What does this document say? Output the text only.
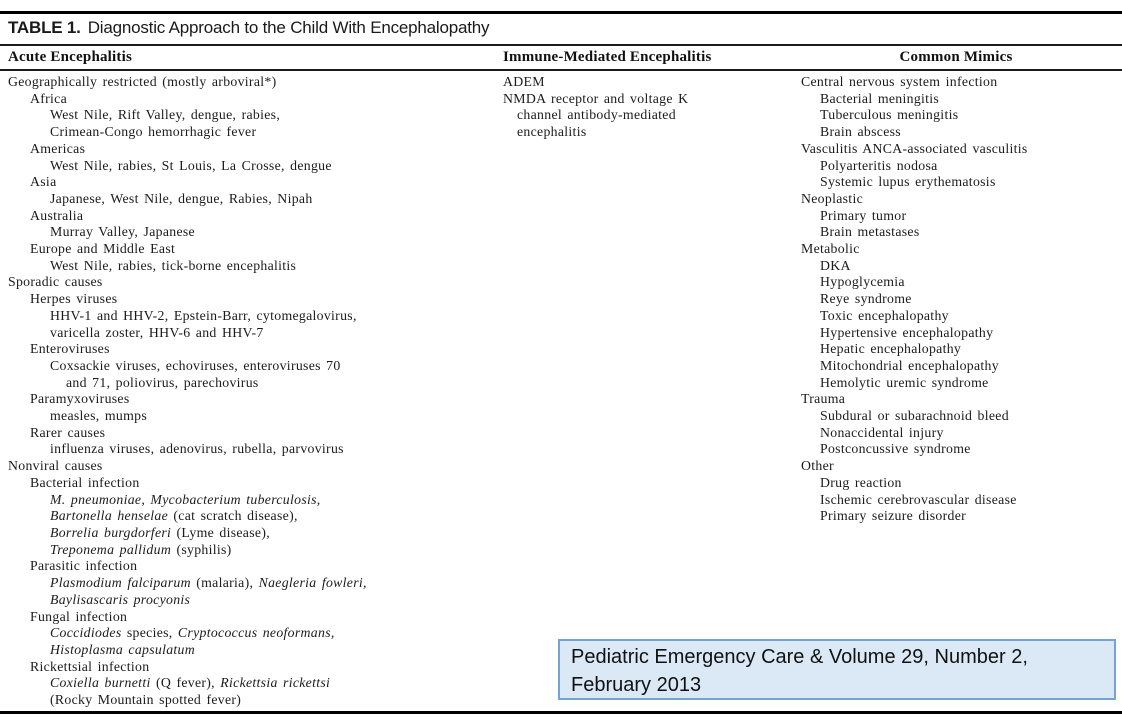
TABLE 1. Diagnostic Approach to the Child With Encephalopathy
Acute Encephalitis	Immune-Mediated Encephalitis	Common Mimics
Geographically restricted (mostly arboviral*)
Africa
West Nile, Rift Valley, dengue, rabies,
Crimean-Congo hemorrhagic fever
Americas
West Nile, rabies, St Louis, La Crosse, dengue
Asia
Japanese, West Nile, dengue, Rabies, Nipah
Australia
Murray Valley, Japanese
Europe and Middle East
West Nile, rabies, tick-borne encephalitis
Sporadic causes
Herpes viruses
HHV-1 and HHV-2, Epstein-Barr, cytomegalovirus,
varicella zoster, HHV-6 and HHV-7
Enteroviruses
Coxsackie viruses, echoviruses, enteroviruses 70
and 71, poliovirus, parechovirus
Paramyxoviruses
measles, mumps
Rarer causes
influenza viruses, adenovirus, rubella, parvovirus
Nonviral causes
Bacterial infection
M. pneumoniae, Mycobacterium tuberculosis,
Bartonella henselae (cat scratch disease),
Borrelia burgdorferi (Lyme disease),
Treponema pallidum (syphilis)
Parasitic infection
Plasmodium falciparum (malaria), Naegleria fowleri,
Baylisascaris procyonis
Fungal infection
Coccidiodes species, Cryptococcus neoformans,
Histoplasma capsulatum
Rickettsial infection
Coxiella burnetti (Q fever), Rickettsia rickettsi
(Rocky Mountain spotted fever)
ADEM
NMDA receptor and voltage K
channel antibody-mediated
encephalitis
Central nervous system infection
Bacterial meningitis
Tuberculous meningitis
Brain abscess
Vasculitis ANCA-associated vasculitis
Polyarteritis nodosa
Systemic lupus erythematosis
Neoplastic
Primary tumor
Brain metastases
Metabolic
DKA
Hypoglycemia
Reye syndrome
Toxic encephalopathy
Hypertensive encephalopathy
Hepatic encephalopathy
Mitochondrial encephalopathy
Hemolytic uremic syndrome
Trauma
Subdural or subarachnoid bleed
Nonaccidental injury
Postconcussive syndrome
Other
Drug reaction
Ischemic cerebrovascular disease
Primary seizure disorder
Pediatric Emergency Care & Volume 29, Number 2,
February 2013
